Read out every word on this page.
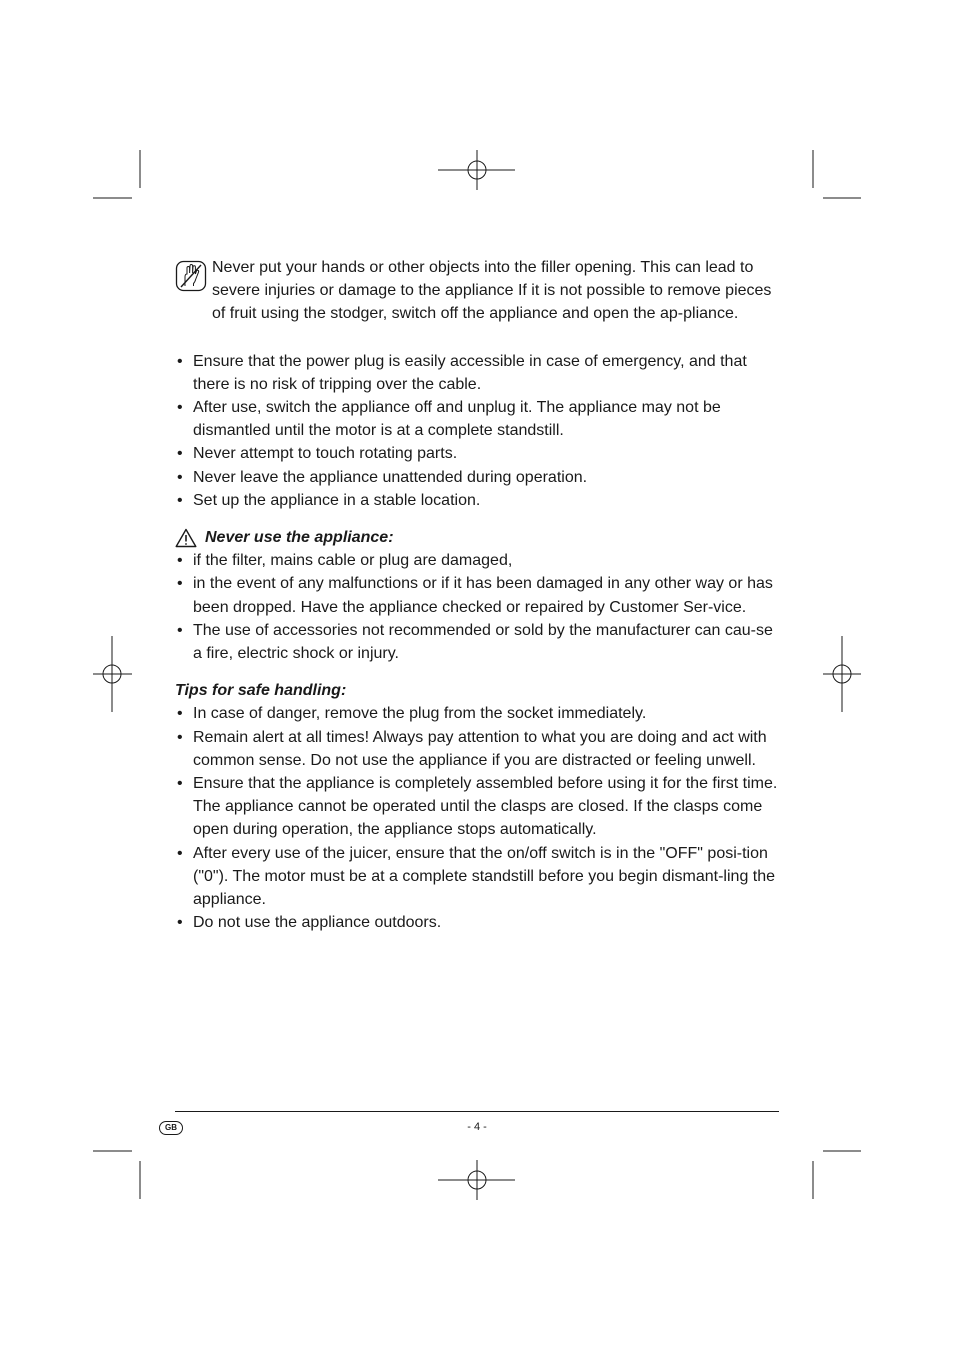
Never put your hands or other objects into the filler opening. This can lead to severe injuries or damage to the appliance If it is not possible to remove pieces of fruit using the stodger, switch off the appliance and open the ap-pliance.
• Ensure that the power plug is easily accessible in case of emergency, and that there is no risk of tripping over the cable.
• After use, switch the appliance off and unplug it. The appliance may not be dismantled until the motor is at a complete standstill.
• Never attempt to touch rotating parts.
• Never leave the appliance unattended during operation.
• Set up the appliance in a stable location.
Never use the appliance:
• if the filter, mains cable or plug are damaged,
• in the event of any malfunctions or if it has been damaged in any other way or has been dropped. Have the appliance checked or repaired by Customer Ser-vice.
• The use of accessories not recommended or sold by the manufacturer can cau-se a fire, electric shock or injury.
Tips for safe handling:
• In case of danger, remove the plug from the socket immediately.
• Remain alert at all times! Always pay attention to what you are doing and act with common sense. Do not use the appliance if you are distracted or feeling unwell.
• Ensure that the appliance is completely assembled before using it for the first time. The appliance cannot be operated until the clasps are closed. If the clasps come open during operation, the appliance stops automatically.
• After every use of the juicer, ensure that the on/off switch is in the "OFF" posi-tion ("0"). The motor must be at a complete standstill before you begin dismant-ling the appliance.
• Do not use the appliance outdoors.
GB	- 4 -
